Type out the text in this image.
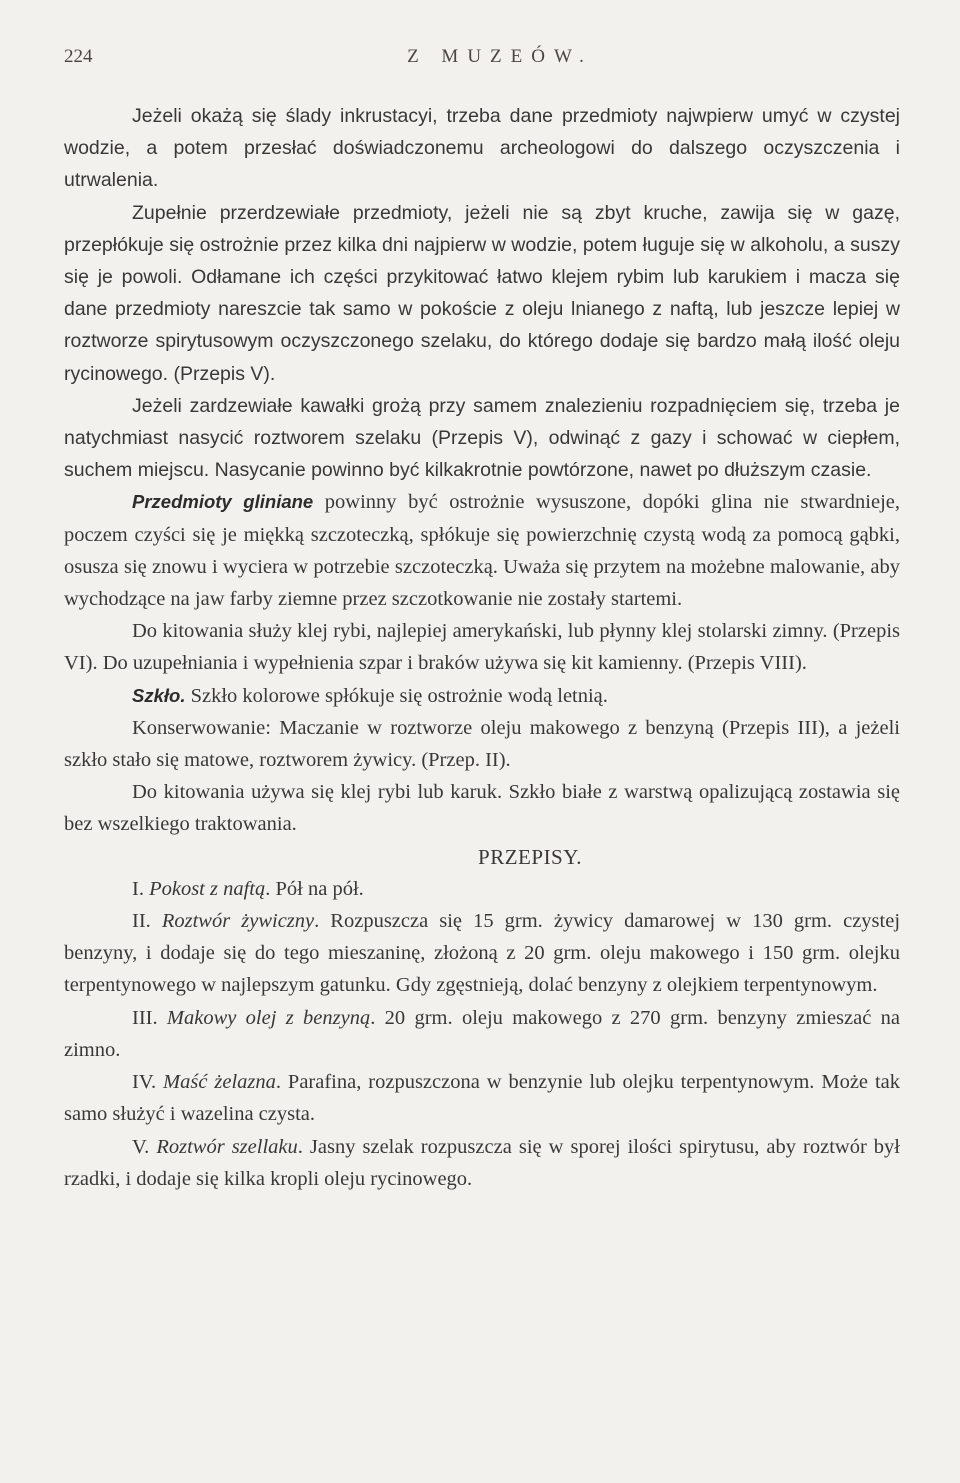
224	Z MUZEÓW.

Jeżeli okażą się ślady inkrustacyi, trzeba dane przedmioty najwpierw umyć w czystej wodzie, a potem przesłać doświadczonemu archeologowi do dalszego oczyszczenia i utrwalenia.

Zupełnie przerdzewiałe przedmioty, jeżeli nie są zbyt kruche, zawija się w gazę, przepłókuje się ostrożnie przez kilka dni najpierw w wodzie, potem ługuje się w alkoholu, a suszy się je powoli. Odłamane ich części przykitować łatwo klejem rybim lub karukiem i macza się dane przedmioty nareszcie tak samo w pokoście z oleju lnianego z naftą, lub jeszcze lepiej w roztworze spirytusowym oczyszczonego szelaku, do którego dodaje się bardzo małą ilość oleju rycinowego. (Przepis V).

Jeżeli zardzewiałe kawałki grożą przy samem znalezieniu rozpadnięciem się, trzeba je natychmiast nasycić roztworem szelaku (Przepis V), odwinąć z gazy i schować w ciepłem, suchem miejscu. Nasycanie powinno być kilkakrotnie powtórzone, nawet po dłuższym czasie.

Przedmioty gliniane powinny być ostrożnie wysuszone, dopóki glina nie stwardnieje, poczem czyści się je miękką szczoteczką, spłókuje się powierzchnię czystą wodą za pomocą gąbki, osusza się znowu i wyciera w potrzebie szczoteczką. Uważa się przytem na możebne malowanie, aby wychodzące na jaw farby ziemne przez szczotkowanie nie zostały startemi.

Do kitowania służy klej rybi, najlepiej amerykański, lub płynny klej stolarski zimny. (Przepis VI). Do uzupełniania i wypełnienia szpar i braków używa się kit kamienny. (Przepis VIII).

Szkło. Szkło kolorowe spłókuje się ostrożnie wodą letnią.

Konserwowanie: Maczanie w roztworze oleju makowego z benzyną (Przepis III), a jeżeli szkło stało się matowe, roztworem żywicy. (Przep. II).

Do kitowania używa się klej rybi lub karuk. Szkło białe z warstwą opalizującą zostawia się bez wszelkiego traktowania.

PRZEPISY.

I. Pokost z naftą. Pół na pół.

II. Roztwór żywiczny. Rozpuszcza się 15 grm. żywicy damarowej w 130 grm. czystej benzyny, i dodaje się do tego mieszaninę, złożoną z 20 grm. oleju makowego i 150 grm. olejku terpentynowego w najlepszym gatunku. Gdy zgęstnieją, dolać benzyny z olejkiem terpentynowym.

III. Makowy olej z benzyną. 20 grm. oleju makowego z 270 grm. benzyny zmieszać na zimno.

IV. Maść żelazna. Parafina, rozpuszczona w benzynie lub olejku terpentynowym. Może tak samo służyć i wazelina czysta.

V. Roztwór szellaku. Jasny szelak rozpuszcza się w sporej ilości spirytusu, aby roztwór był rzadki, i dodaje się kilka kropli oleju rycinowego.
